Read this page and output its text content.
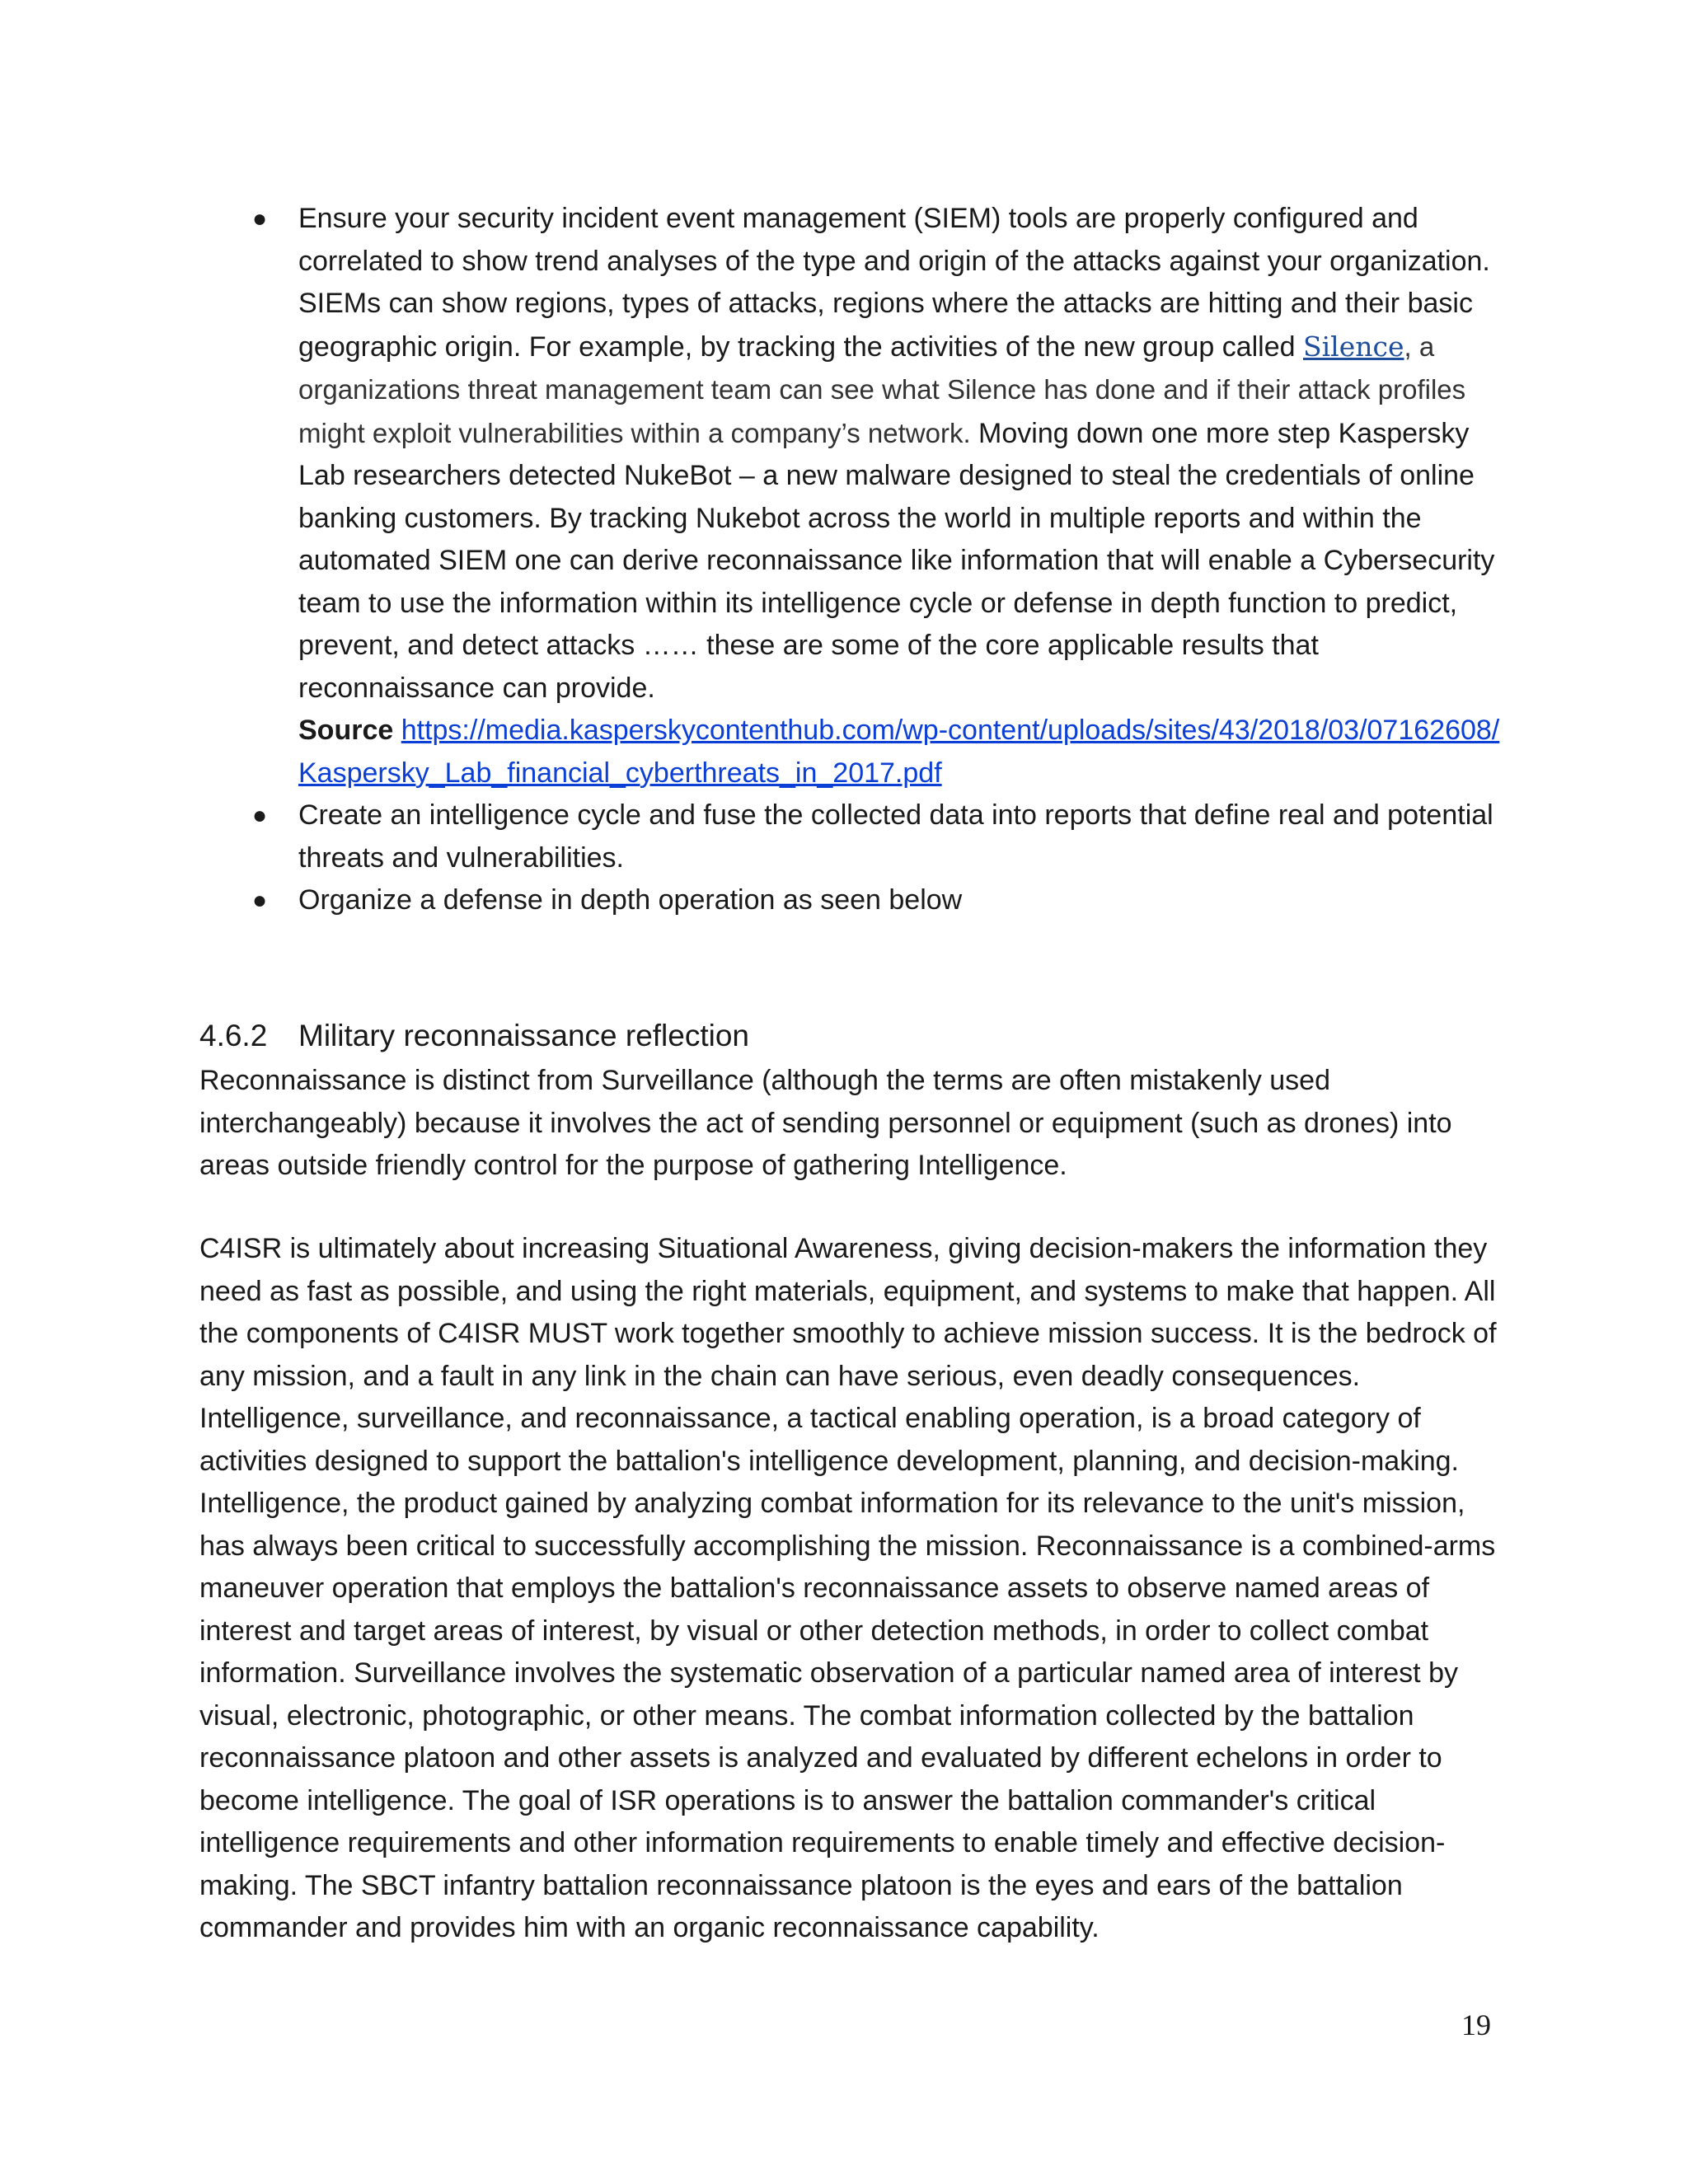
● Ensure your security incident event management (SIEM) tools are properly configured and correlated to show trend analyses of the type and origin of the attacks against your organization. SIEMs can show regions, types of attacks, regions where the attacks are hitting and their basic geographic origin. For example, by tracking the activities of the new group called Silence, a organizations threat management team can see what Silence has done and if their attack profiles might exploit vulnerabilities within a company’s network. Moving down one more step Kaspersky Lab researchers detected NukeBot – a new malware designed to steal the credentials of online banking customers. By tracking Nukebot across the world in multiple reports and within the automated SIEM one can derive reconnaissance like information that will enable a Cybersecurity team to use the information within its intelligence cycle or defense in depth function to predict, prevent, and detect attacks …… these are some of the core applicable results that reconnaissance can provide.
Source https://media.kasperskycontenthub.com/wp-content/uploads/sites/43/2018/03/07162608/Kaspersky_Lab_financial_cyberthreats_in_2017.pdf
● Create an intelligence cycle and fuse the collected data into reports that define real and potential threats and vulnerabilities.
● Organize a defense in depth operation as seen below
4.6.2 Military reconnaissance reflection

Reconnaissance is distinct from Surveillance (although the terms are often mistakenly used interchangeably) because it involves the act of sending personnel or equipment (such as drones) into areas outside friendly control for the purpose of gathering Intelligence.

C4ISR is ultimately about increasing Situational Awareness, giving decision-makers the information they need as fast as possible, and using the right materials, equipment, and systems to make that happen. All the components of C4ISR MUST work together smoothly to achieve mission success. It is the bedrock of any mission, and a fault in any link in the chain can have serious, even deadly consequences. Intelligence, surveillance, and reconnaissance, a tactical enabling operation, is a broad category of activities designed to support the battalion's intelligence development, planning, and decision-making. Intelligence, the product gained by analyzing combat information for its relevance to the unit's mission, has always been critical to successfully accomplishing the mission. Reconnaissance is a combined-arms maneuver operation that employs the battalion's reconnaissance assets to observe named areas of interest and target areas of interest, by visual or other detection methods, in order to collect combat information. Surveillance involves the systematic observation of a particular named area of interest by visual, electronic, photographic, or other means. The combat information collected by the battalion reconnaissance platoon and other assets is analyzed and evaluated by different echelons in order to become intelligence. The goal of ISR operations is to answer the battalion commander's critical intelligence requirements and other information requirements to enable timely and effective decision-making. The SBCT infantry battalion reconnaissance platoon is the eyes and ears of the battalion commander and provides him with an organic reconnaissance capability.

19
